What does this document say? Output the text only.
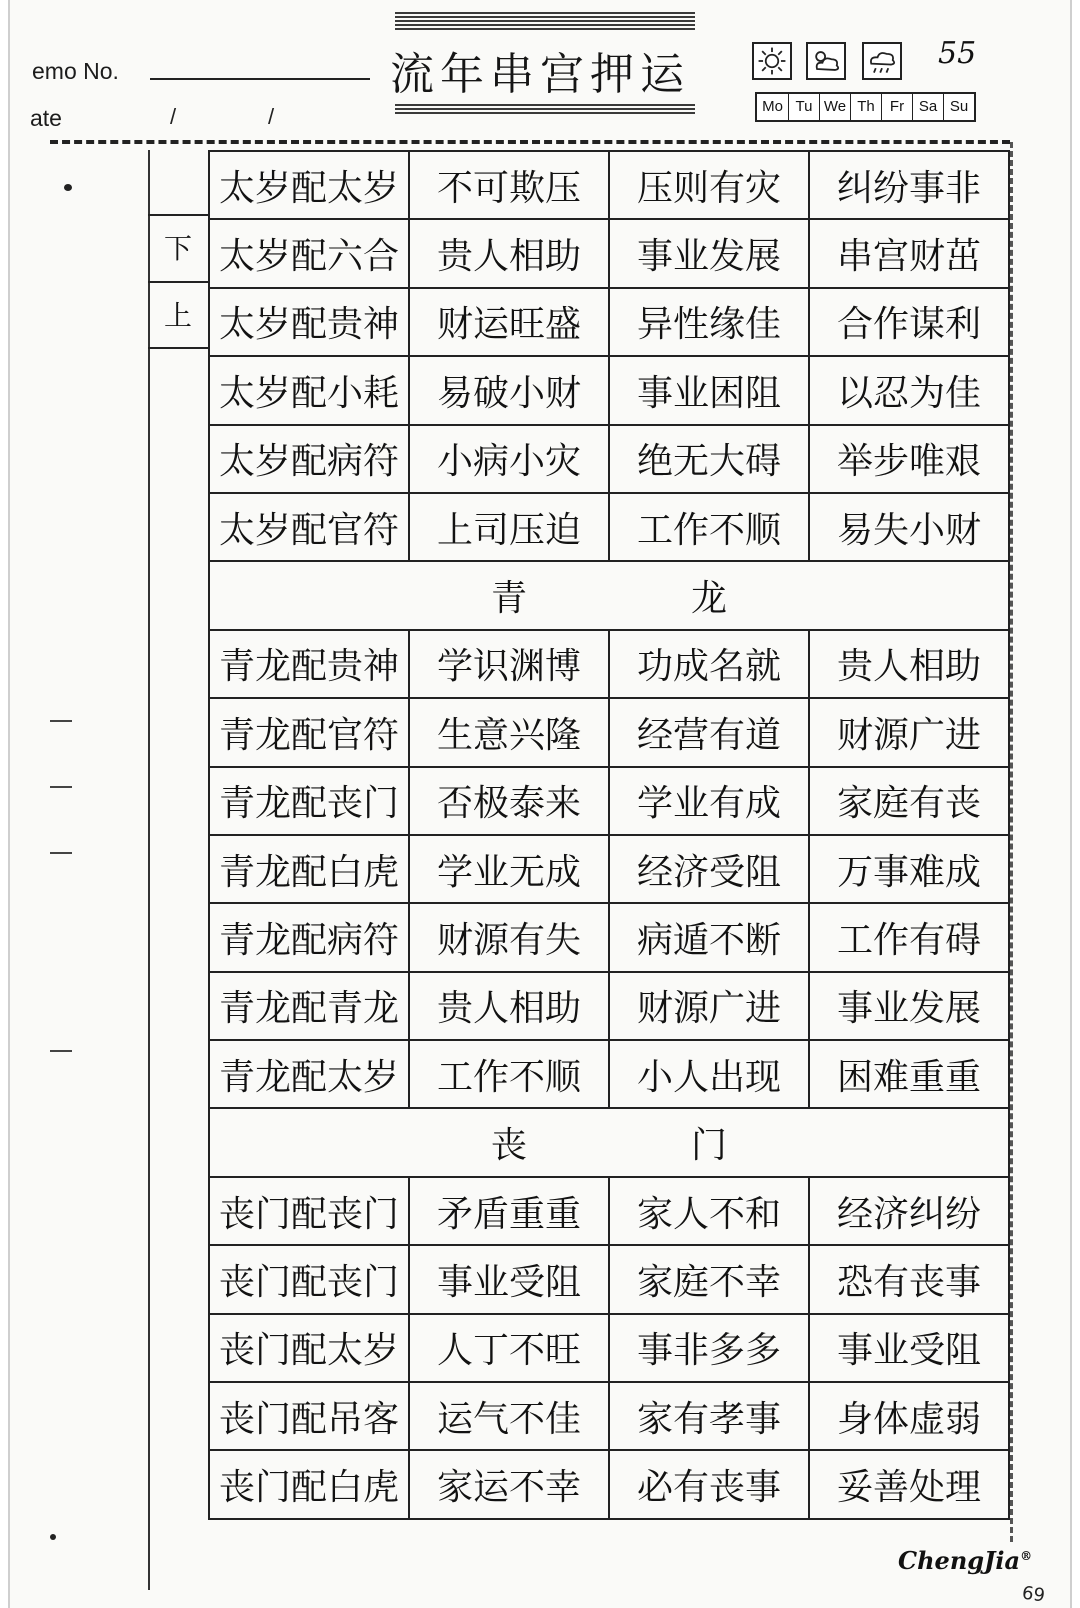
emo No.
ate	/	/
流年串宫押运	55
Mo Tu We Th	Fr Sa Su
下
上
太岁配太岁	不可欺压	压则有灾	纠纷事非
太岁配六合	贵人相助	事业发展	串宫财茁
太岁配贵神	财运旺盛	异性缘佳	合作谋利
太岁配小耗	易破小财	事业困阻	以忍为佳
太岁配病符	小病小灾	绝无大碍	举步唯艰
太岁配官符	上司压迫	工作不顺	易失小财
	青	龙	
青龙配贵神	学识渊博	功成名就	贵人相助
青龙配官符	生意兴隆	经营有道	财源广进
青龙配丧门	否极泰来	学业有成	家庭有丧
青龙配白虎	学业无成	经济受阻	万事难成
青龙配病符	财源有失	病遁不断	工作有碍
青龙配青龙	贵人相助	财源广进	事业发展
青龙配太岁	工作不顺	小人出现	困难重重
	丧	门	
丧门配丧门	矛盾重重	家人不和	经济纠纷
丧门配丧门	事业受阻	家庭不幸	恐有丧事
丧门配太岁	人丁不旺	事非多多	事业受阻
丧门配吊客	运气不佳	家有孝事	身体虚弱
丧门配白虎	家运不幸	必有丧事	妥善处理
ChengJia®
69
